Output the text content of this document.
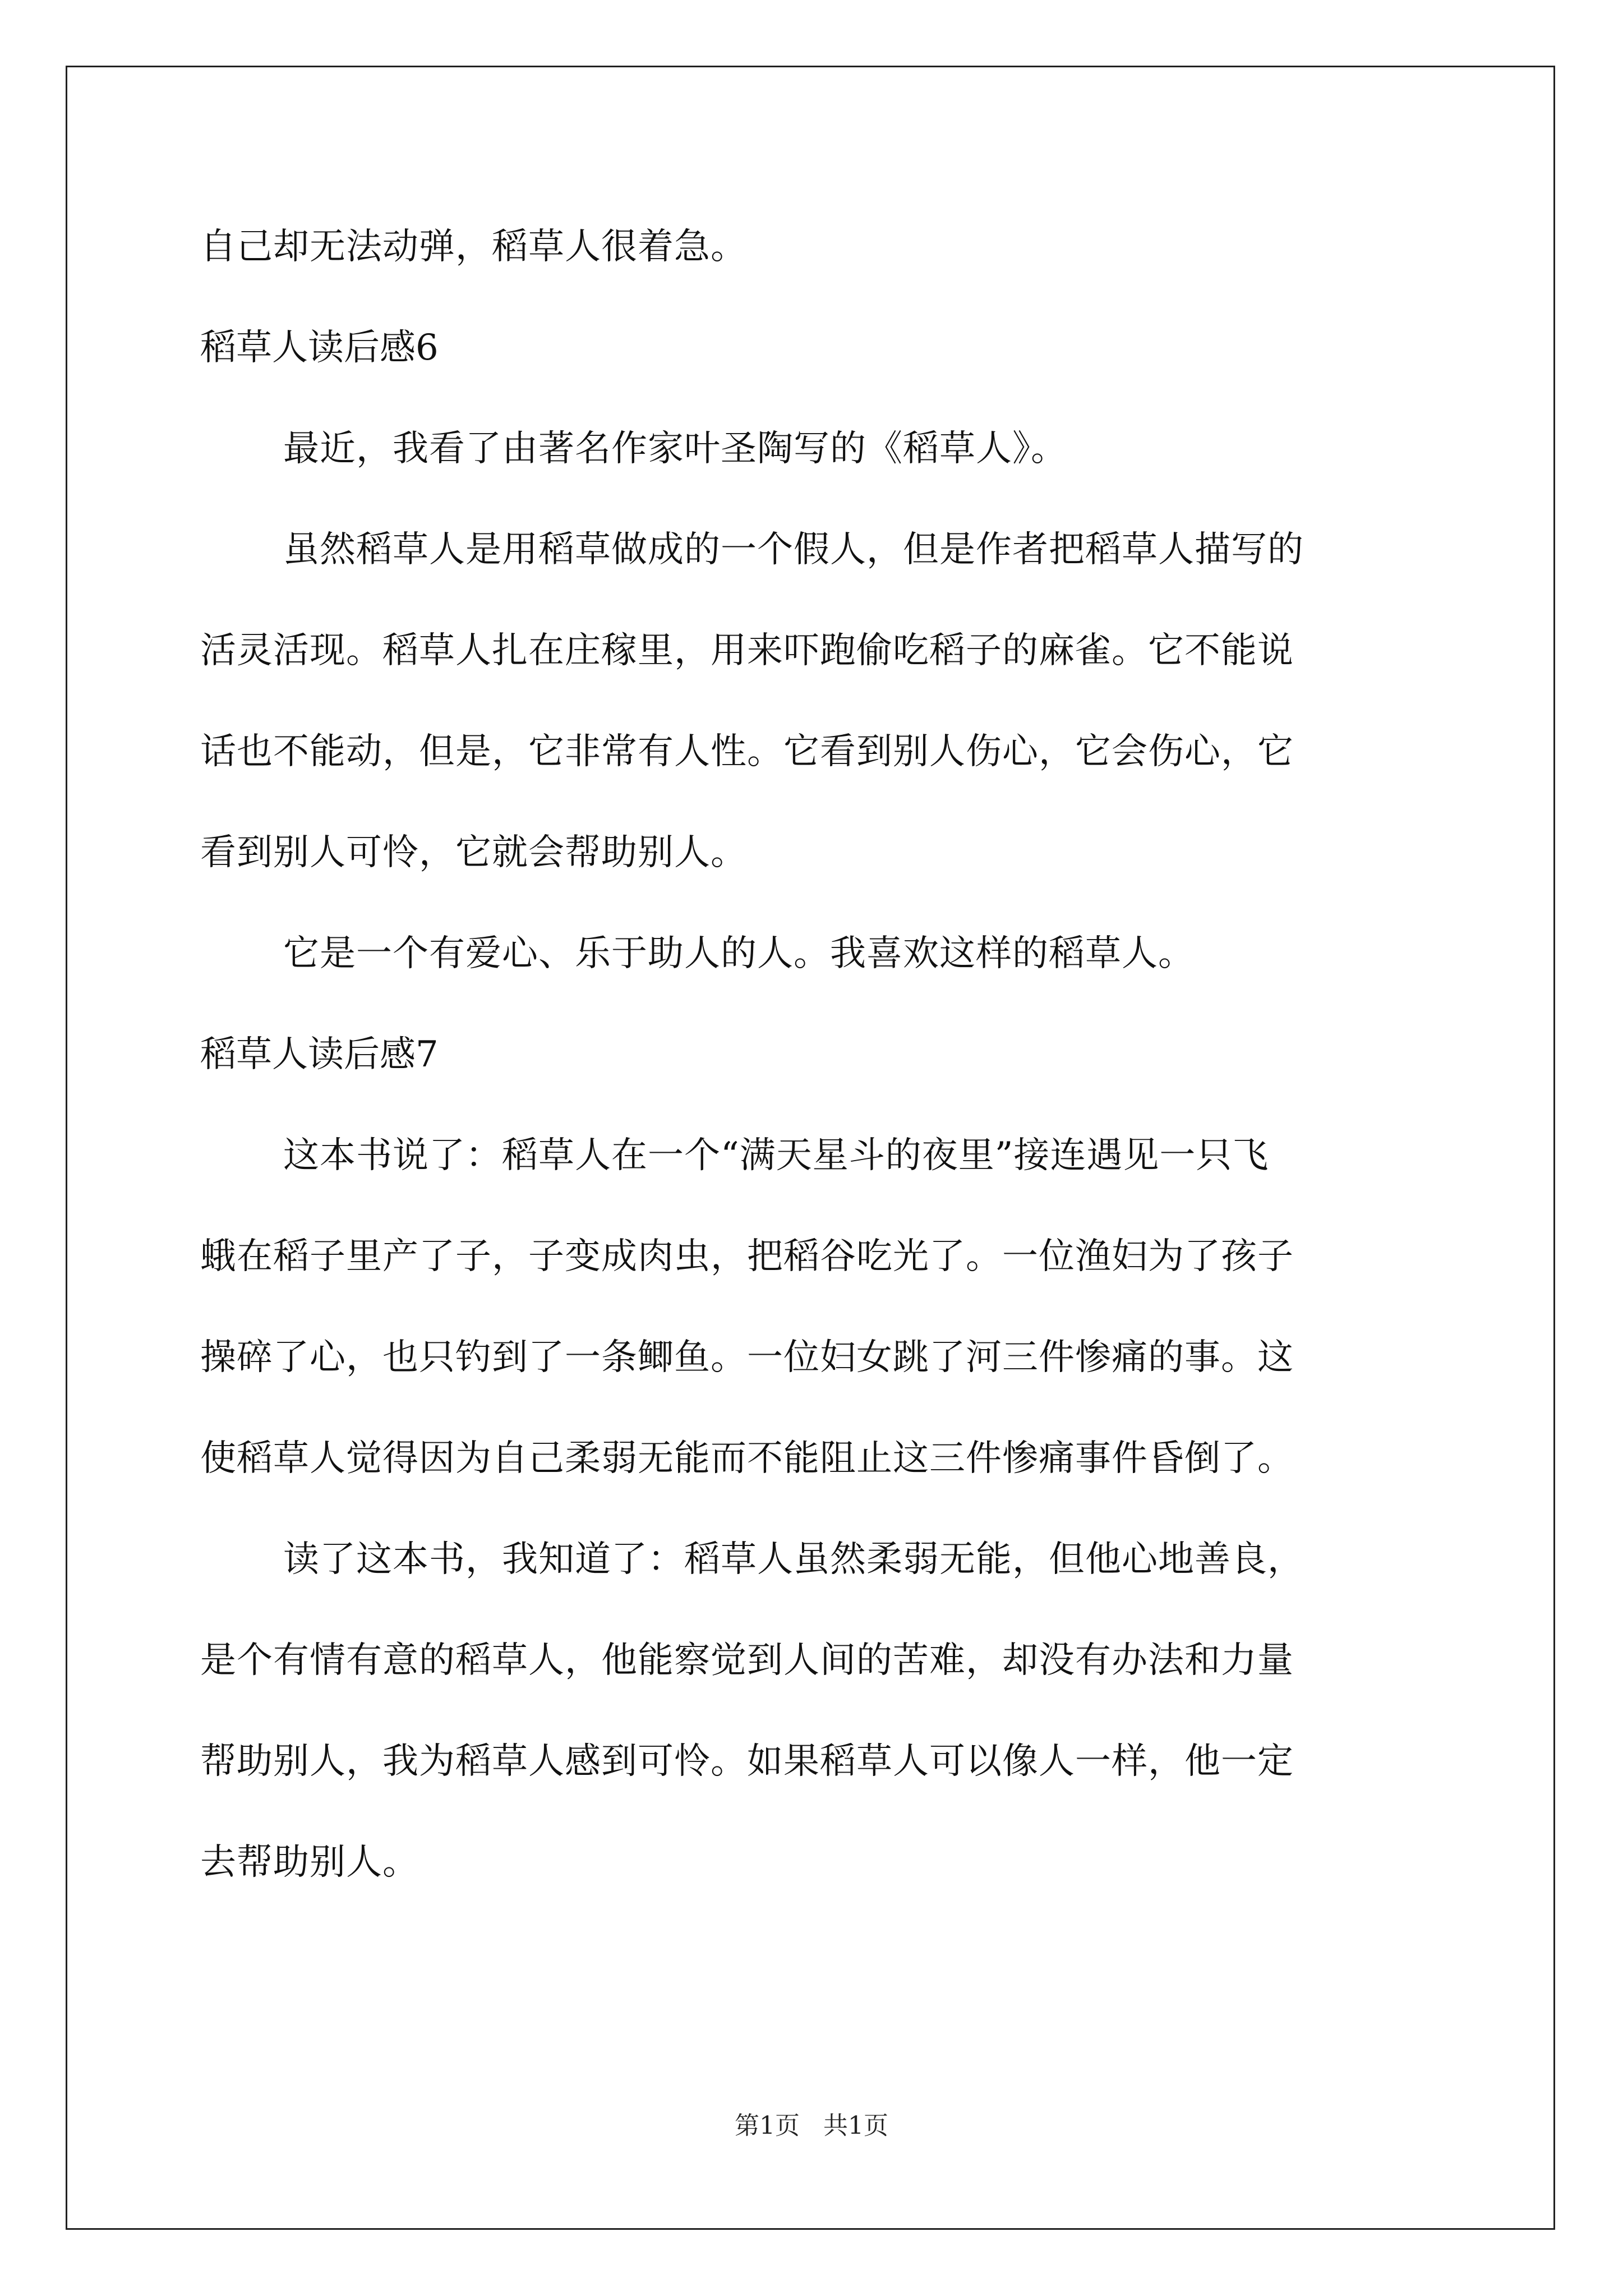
自己却无法动弹，稻草人很着急。
稻草人读后感6
最近，我看了由著名作家叶圣陶写的《稻草人》。
虽然稻草人是用稻草做成的一个假人，但是作者把稻草人描写的
活灵活现。稻草人扎在庄稼里，用来吓跑偷吃稻子的麻雀。它不能说
话也不能动，但是，它非常有人性。它看到别人伤心，它会伤心，它
看到别人可怜，它就会帮助别人。
它是一个有爱心、乐于助人的人。我喜欢这样的稻草人。
稻草人读后感7
这本书说了：稻草人在一个“满天星斗的夜里”接连遇见一只飞
蛾在稻子里产了子，子变成肉虫，把稻谷吃光了。一位渔妇为了孩子
操碎了心，也只钓到了一条鲫鱼。一位妇女跳了河三件惨痛的事。这
使稻草人觉得因为自己柔弱无能而不能阻止这三件惨痛事件昏倒了。
读了这本书，我知道了：稻草人虽然柔弱无能，但他心地善良，
是个有情有意的稻草人，他能察觉到人间的苦难，却没有办法和力量
帮助别人，我为稻草人感到可怜。如果稻草人可以像人一样，他一定
去帮助别人。
第1页   共1页
